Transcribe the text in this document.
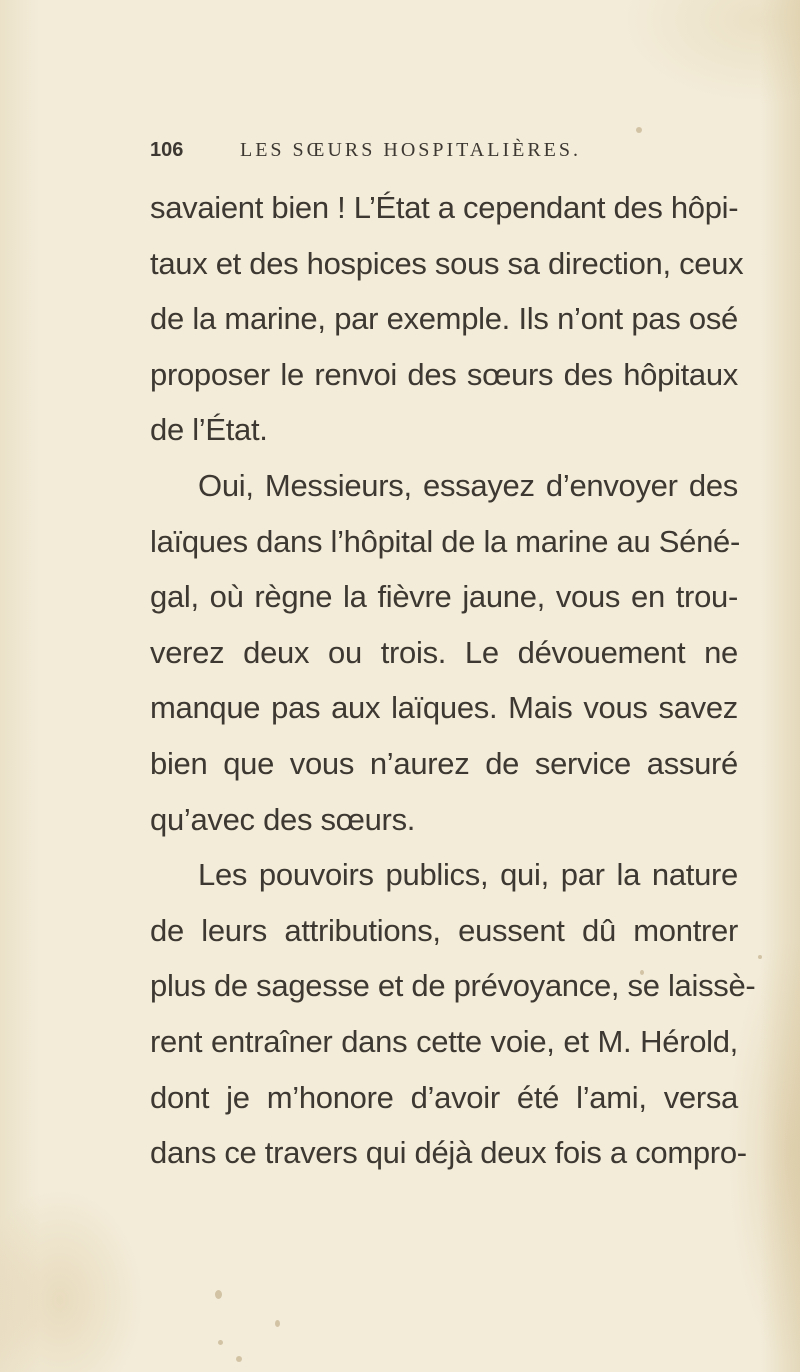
106	LES SŒURS HOSPITALIÈRES.

savaient bien ! L’État a cependant des hôpi-
taux et des hospices sous sa direction, ceux
de la marine, par exemple. Ils n’ont pas osé
proposer le renvoi des sœurs des hôpitaux
de l’État.

Oui, Messieurs, essayez d’envoyer des
laïques dans l’hôpital de la marine au Séné-
gal, où règne la fièvre jaune, vous en trou-
verez deux ou trois. Le dévouement ne
manque pas aux laïques. Mais vous savez
bien que vous n’aurez de service assuré
qu’avec des sœurs.

Les pouvoirs publics, qui, par la nature
de leurs attributions, eussent dû montrer
plus de sagesse et de prévoyance, se laissè-
rent entraîner dans cette voie, et M. Hérold,
dont je m’honore d’avoir été l’ami, versa
dans ce travers qui déjà deux fois a compro-
